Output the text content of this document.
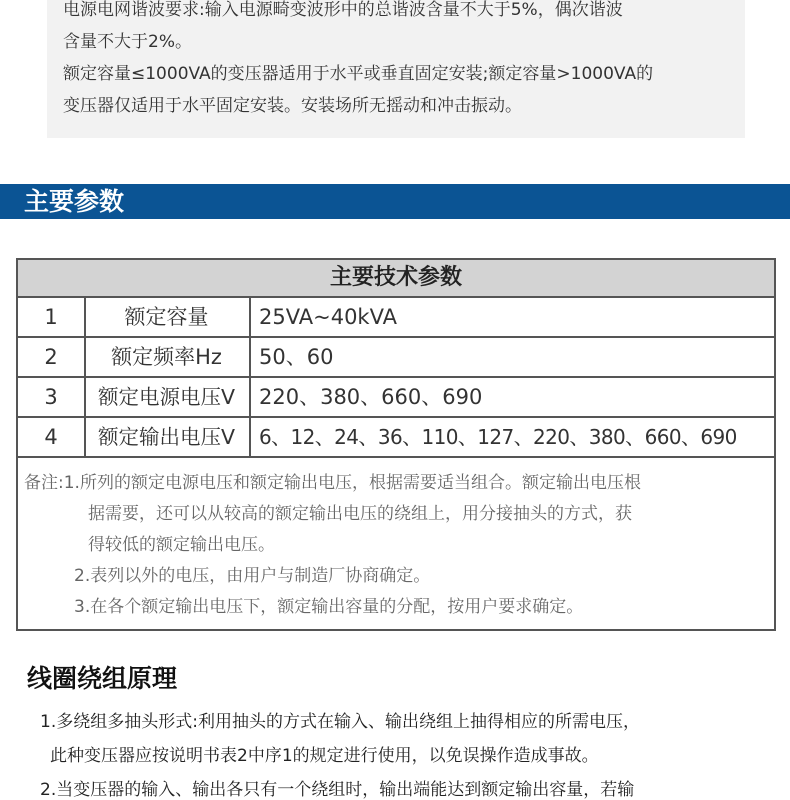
电源电网谐波要求:输入电源畸变波形中的总谐波含量不大于5%，偶次谐波

含量不大于2%。

额定容量≤1000VA的变压器适用于水平或垂直固定安装;额定容量>1000VA的

变压器仅适用于水平固定安装。安装场所无摇动和冲击振动。

主要参数
主要技术参数
1	额定容量	25VA~40kVA
2	额定频率Hz	50、60
3	额定电源电压V	220、380、660、690
4	额定输出电压V	6、12、24、36、110、127、220、380、660、690
备注:1.所列的额定电源电压和额定输出电压，根据需要适当组合。额定输出电压根
据需要，还可以从较高的额定输出电压的绕组上，用分接抽头的方式，获
得较低的额定输出电压。
2.表列以外的电压，由用户与制造厂协商确定。
3.在各个额定输出电压下，额定输出容量的分配，按用户要求确定。
线圈绕组原理
1.多绕组多抽头形式:利用抽头的方式在输入、输出绕组上抽得相应的所需电压，
此种变压器应按说明书表2中序1的规定进行使用，以免误操作造成事故。
2.当变压器的输入、输出各只有一个绕组时，输出端能达到额定输出容量，若输
